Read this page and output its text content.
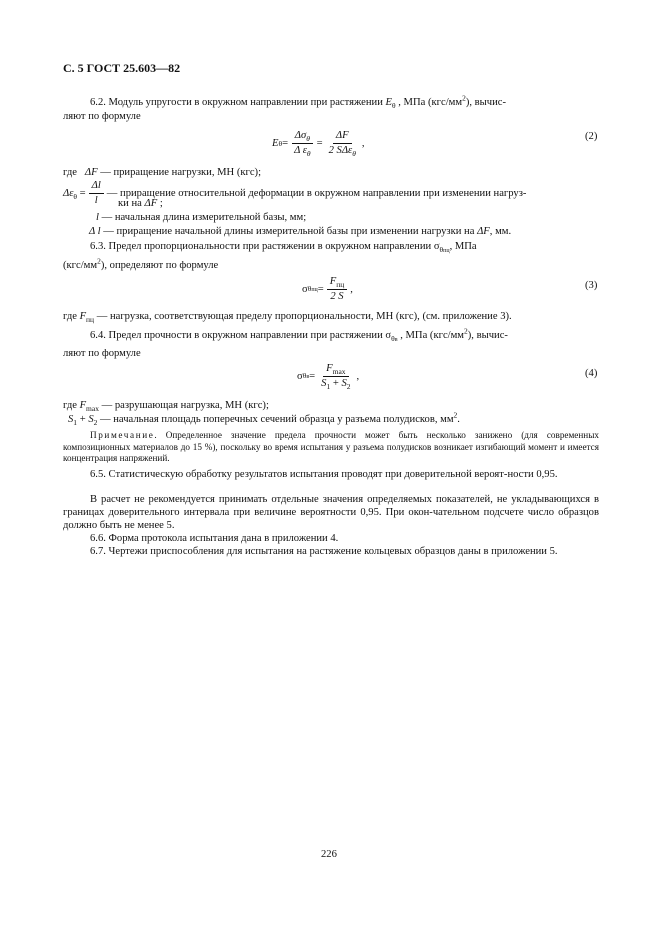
С. 5 ГОСТ 25.603—82
6.2. Модуль упругости в окружном направлении при растяжении $E_\theta$ , МПа $(кгс/мм^2)$, вычис-
ляют по формуле
E $\theta = \frac{\Delta\sigma_\theta}{\Delta \varepsilon_\theta} = \frac{\Delta F}{2 S\Delta\varepsilon_\theta}$ ,
(2)
где ΔF — приращение нагрузки, МН (кгс);
$\Delta\varepsilon_\theta = \frac{\Delta l}{l}$ — приращение относительной деформации в окружном направлении при изменении нагруз-
ки на ΔF ;
l — начальная длина измерительной базы, мм;
Δ l — приращение начальной длины измерительной базы при изменении нагрузки на ΔF, мм.
6.3. Предел пропорциональности при растяжении в окружном направлении $\sigma_{\theta пц}$, МПа
$(кгс/мм^2)$, определяют по формуле
σ $\theta пц = \frac{F_{пц}}{2 S}$ ,	(3)
где $F_{пц}$ — нагрузка, соответствующая пределу пропорциональности, МН (кгс), (см. приложение 3).
6.4. Предел прочности в окружном направлении при растяжении $\sigma_{\theta в}$ , МПа $(кгс/мм^2)$, вычис-
ляют по формуле
σ $\theta в = \frac{F_{max}}{S_1 + S_2}$ ,	(4)
где $F_{max}$ — разрушающая нагрузка, МН (кгс);
$S_1 + S_2$ — начальная площадь поперечных сечений образца у разъема полудисков, $мм^2$.
Примечание. Определенное значение предела прочности может быть несколько занижено (для современных композиционных материалов до 15 %), поскольку во время испытания у разъема полудисков возникает изгибающий момент и имеется концентрация напряжений.
6.5. Статистическую обработку результатов испытания проводят при доверительной вероят-ности 0,95.
В расчет не рекомендуется принимать отдельные значения определяемых показателей, не укладывающихся в границах доверительного интервала при величине вероятности 0,95. При окон-чательном подсчете число образцов должно быть не менее 5.
6.6. Форма протокола испытания дана в приложении 4.
6.7. Чертежи приспособления для испытания на растяжение кольцевых образцов даны в приложении 5.
226
